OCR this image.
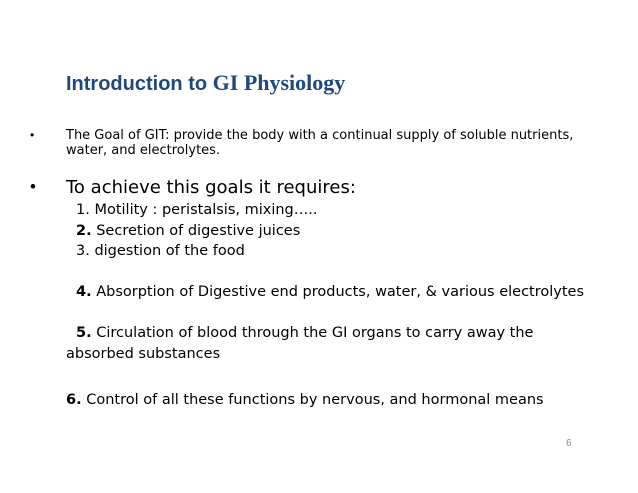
Introduction to GI Physiology
• The Goal of GIT: provide the body with a continual supply of soluble nutrients, water, and electrolytes.
• To achieve this goals it requires:
1. Motility : peristalsis, mixing…..
2. Secretion of digestive juices
3. digestion of the food
4. Absorption of Digestive end products, water, & various electrolytes
5. Circulation of blood through the GI organs to carry away the
absorbed substances
6. Control of all these functions by nervous, and hormonal means
6
